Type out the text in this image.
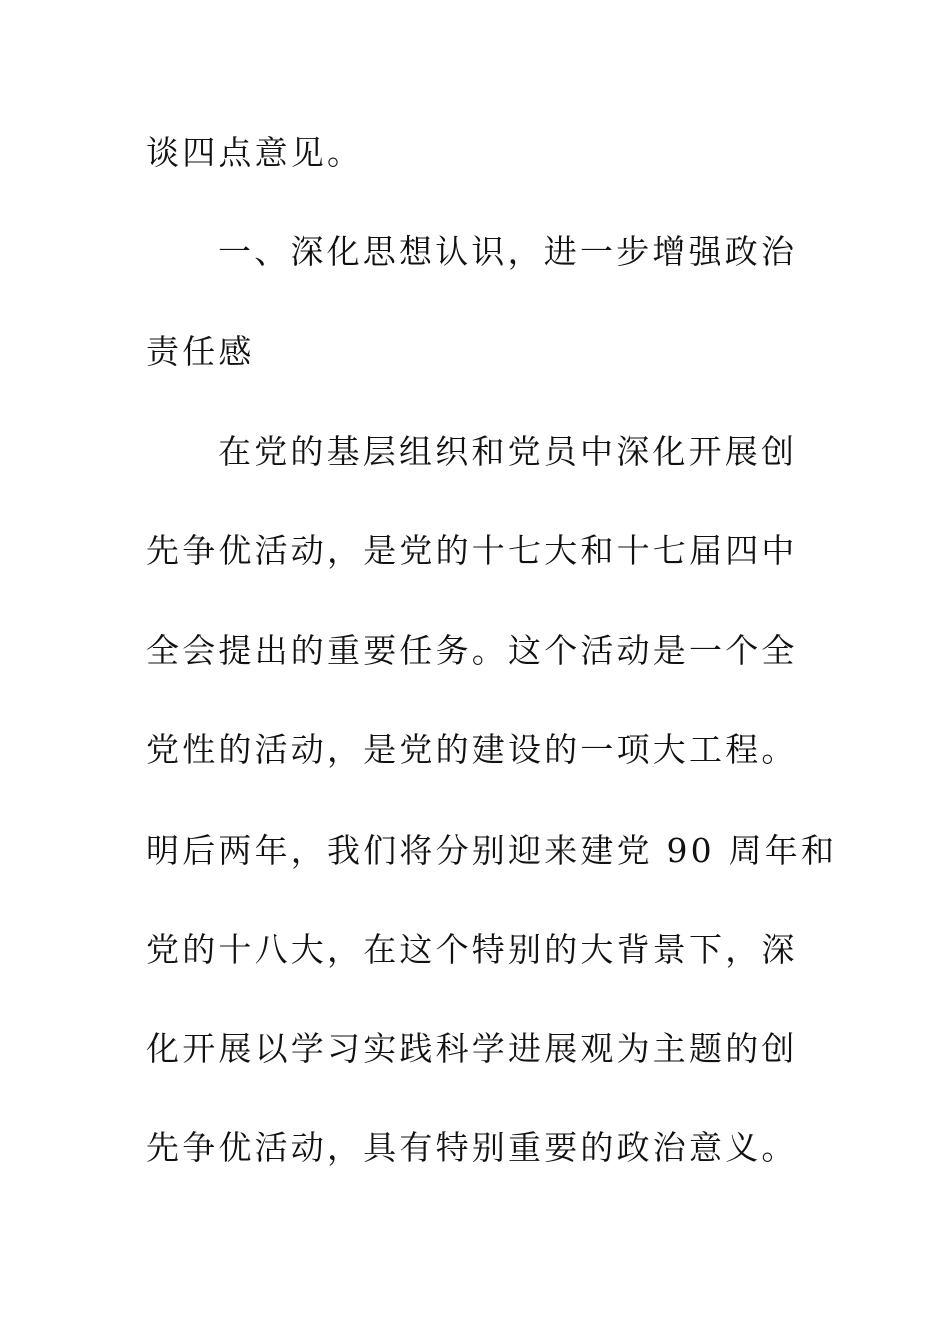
谈四点意见。
一、深化思想认识，进一步增强政治
责任感
在党的基层组织和党员中深化开展创
先争优活动，是党的十七大和十七届四中
全会提出的重要任务。这个活动是一个全
党性的活动，是党的建设的一项大工程。
明后两年，我们将分别迎来建党 90 周年和
党的十八大，在这个特别的大背景下，深
化开展以学习实践科学进展观为主题的创
先争优活动，具有特别重要的政治意义。
